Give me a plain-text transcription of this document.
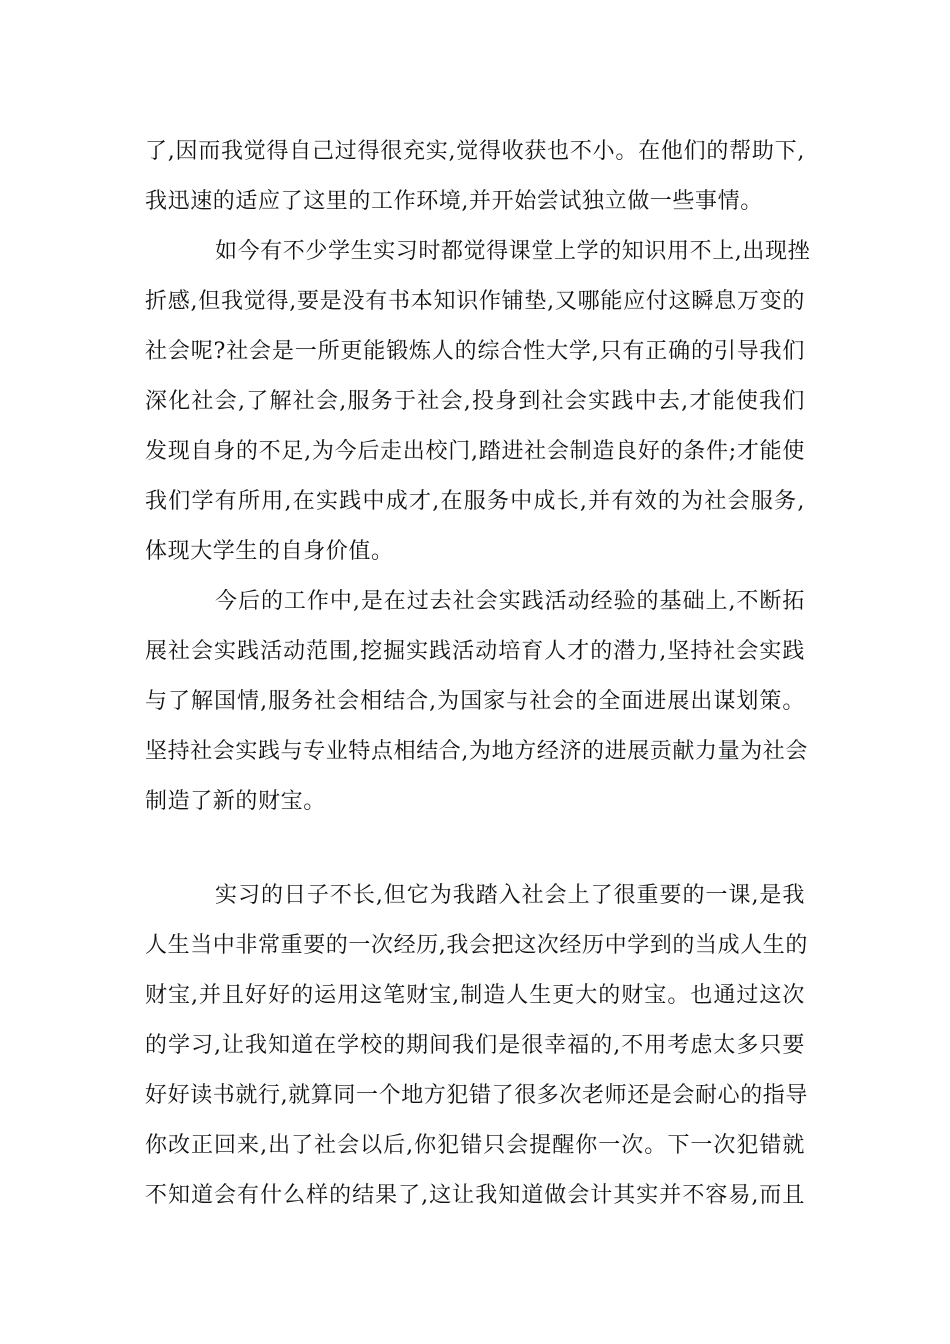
了,因而我觉得自己过得很充实,觉得收获也不小。在他们的帮助下,
我迅速的适应了这里的工作环境,并开始尝试独立做一些事情。
如今有不少学生实习时都觉得课堂上学的知识用不上,出现挫
折感,但我觉得,要是没有书本知识作铺垫,又哪能应付这瞬息万变的
社会呢?社会是一所更能锻炼人的综合性大学,只有正确的引导我们
深化社会,了解社会,服务于社会,投身到社会实践中去,才能使我们
发现自身的不足,为今后走出校门,踏进社会制造良好的条件;才能使
我们学有所用,在实践中成才,在服务中成长,并有效的为社会服务,
体现大学生的自身价值。
今后的工作中,是在过去社会实践活动经验的基础上,不断拓
展社会实践活动范围,挖掘实践活动培育人才的潜力,坚持社会实践
与了解国情,服务社会相结合,为国家与社会的全面进展出谋划策。
坚持社会实践与专业特点相结合,为地方经济的进展贡献力量为社会
制造了新的财宝。
实习的日子不长,但它为我踏入社会上了很重要的一课,是我
人生当中非常重要的一次经历,我会把这次经历中学到的当成人生的
财宝,并且好好的运用这笔财宝,制造人生更大的财宝。也通过这次
的学习,让我知道在学校的期间我们是很幸福的,不用考虑太多只要
好好读书就行,就算同一个地方犯错了很多次老师还是会耐心的指导
你改正回来,出了社会以后,你犯错只会提醒你一次。下一次犯错就
不知道会有什么样的结果了,这让我知道做会计其实并不容易,而且
